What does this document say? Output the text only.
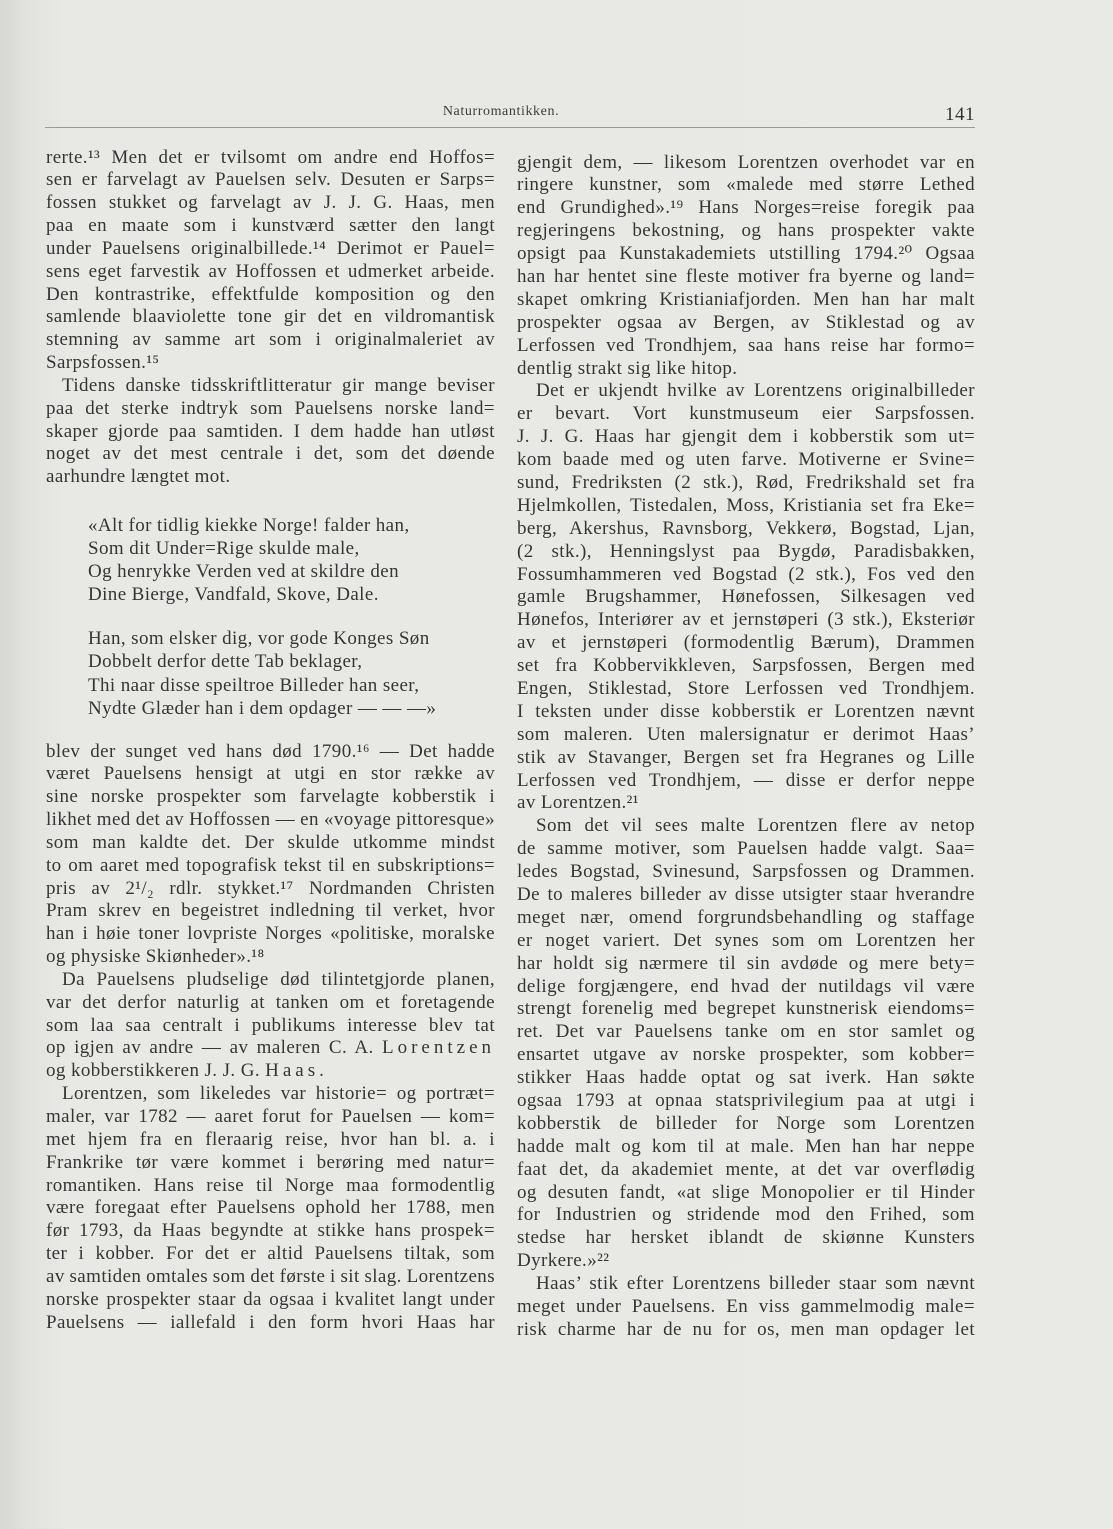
Naturromantikken.	141
rerte.¹³ Men det er tvilsomt om andre end Hoffos=
sen er farvelagt av Pauelsen selv. Desuten er Sarps=
fossen stukket og farvelagt av J. J. G. Haas, men
paa en maate som i kunstværd sætter den langt
under Pauelsens originalbillede.¹⁴ Derimot er Pauel=
sens eget farvestik av Hoffossen et udmerket arbeide.
Den kontrastrike, effektfulde komposition og den
samlende blaaviolette tone gir det en vildromantisk
stemning av samme art som i originalmaleriet av
Sarpsfossen.¹⁵
Tidens danske tidsskriftlitteratur gir mange beviser
paa det sterke indtryk som Pauelsens norske land=
skaper gjorde paa samtiden. I dem hadde han utløst
noget av det mest centrale i det, som det døende
aarhundre længtet mot.
«Alt for tidlig kiekke Norge! falder han,
Som dit Under=Rige skulde male,
Og henrykke Verden ved at skildre den
Dine Bierge, Vandfald, Skove, Dale.
Han, som elsker dig, vor gode Konges Søn
Dobbelt derfor dette Tab beklager,
Thi naar disse speiltroe Billeder han seer,
Nydte Glæder han i dem opdager — — —»
blev der sunget ved hans død 1790.¹⁶ — Det hadde
været Pauelsens hensigt at utgi en stor række av
sine norske prospekter som farvelagte kobberstik i
likhet med det av Hoffossen — en «voyage pittoresque»
som man kaldte det. Der skulde utkomme mindst
to om aaret med topografisk tekst til en subskriptions=
pris av 2¹/₂ rdlr. stykket.¹⁷ Nordmanden Christen
Pram skrev en begeistret indledning til verket, hvor
han i høie toner lovpriste Norges «politiske, moralske
og physiske Skiønheder».¹⁸
Da Pauelsens pludselige død tilintetgjorde planen,
var det derfor naturlig at tanken om et foretagende
som laa saa centralt i publikums interesse blev tat
op igjen av andre — av maleren C. A. Lorentzen
og kobberstikkeren J. J. G. Haas.
Lorentzen, som likeledes var historie= og portræt=
maler, var 1782 — aaret forut for Pauelsen — kom=
met hjem fra en fleraarig reise, hvor han bl. a. i
Frankrike tør være kommet i berøring med natur=
romantiken. Hans reise til Norge maa formodentlig
være foregaat efter Pauelsens ophold her 1788, men
før 1793, da Haas begyndte at stikke hans prospek=
ter i kobber. For det er altid Pauelsens tiltak, som
av samtiden omtales som det første i sit slag. Lorentzens
norske prospekter staar da ogsaa i kvalitet langt under
Pauelsens — iallefald i den form hvori Haas har
gjengit dem, — likesom Lorentzen overhodet var en
ringere kunstner, som «malede med større Lethed
end Grundighed».¹⁹ Hans Norges=reise foregik paa
regjeringens bekostning, og hans prospekter vakte
opsigt paa Kunstakademiets utstilling 1794.²⁰ Ogsaa
han har hentet sine fleste motiver fra byerne og land=
skapet omkring Kristianiafjorden. Men han har malt
prospekter ogsaa av Bergen, av Stiklestad og av
Lerfossen ved Trondhjem, saa hans reise har formo=
dentlig strakt sig like hitop.
Det er ukjendt hvilke av Lorentzens originalbilleder
er bevart. Vort kunstmuseum eier Sarpsfossen.
J. J. G. Haas har gjengit dem i kobberstik som ut=
kom baade med og uten farve. Motiverne er Svine=
sund, Fredriksten (2 stk.), Rød, Fredrikshald set fra
Hjelmkollen, Tistedalen, Moss, Kristiania set fra Eke=
berg, Akershus, Ravnsborg, Vekkerø, Bogstad, Ljan,
(2 stk.), Henningslyst paa Bygdø, Paradisbakken,
Fossumhammeren ved Bogstad (2 stk.), Fos ved den
gamle Brugshammer, Hønefossen, Silkesagen ved
Hønefos, Interiører av et jernstøperi (3 stk.), Eksteriør
av et jernstøperi (formodentlig Bærum), Drammen
set fra Kobbervikkleven, Sarpsfossen, Bergen med
Engen, Stiklestad, Store Lerfossen ved Trondhjem.
I teksten under disse kobberstik er Lorentzen nævnt
som maleren. Uten malersignatur er derimot Haas’
stik av Stavanger, Bergen set fra Hegranes og Lille
Lerfossen ved Trondhjem, — disse er derfor neppe
av Lorentzen.²¹
Som det vil sees malte Lorentzen flere av netop
de samme motiver, som Pauelsen hadde valgt. Saa=
ledes Bogstad, Svinesund, Sarpsfossen og Drammen.
De to maleres billeder av disse utsigter staar hverandre
meget nær, omend forgrundsbehandling og staffage
er noget variert. Det synes som om Lorentzen her
har holdt sig nærmere til sin avdøde og mere bety=
delige forgjængere, end hvad der nutildags vil være
strengt forenelig med begrepet kunstnerisk eiendoms=
ret. Det var Pauelsens tanke om en stor samlet og
ensartet utgave av norske prospekter, som kobber=
stikker Haas hadde optat og sat iverk. Han søkte
ogsaa 1793 at opnaa statsprivilegium paa at utgi i
kobberstik de billeder for Norge som Lorentzen
hadde malt og kom til at male. Men han har neppe
faat det, da akademiet mente, at det var overflødig
og desuten fandt, «at slige Monopolier er til Hinder
for Industrien og stridende mod den Frihed, som
stedse har hersket iblandt de skiønne Kunsters
Dyrkere.»²²
Haas’ stik efter Lorentzens billeder staar som nævnt
meget under Pauelsens. En viss gammelmodig male=
risk charme har de nu for os, men man opdager let
